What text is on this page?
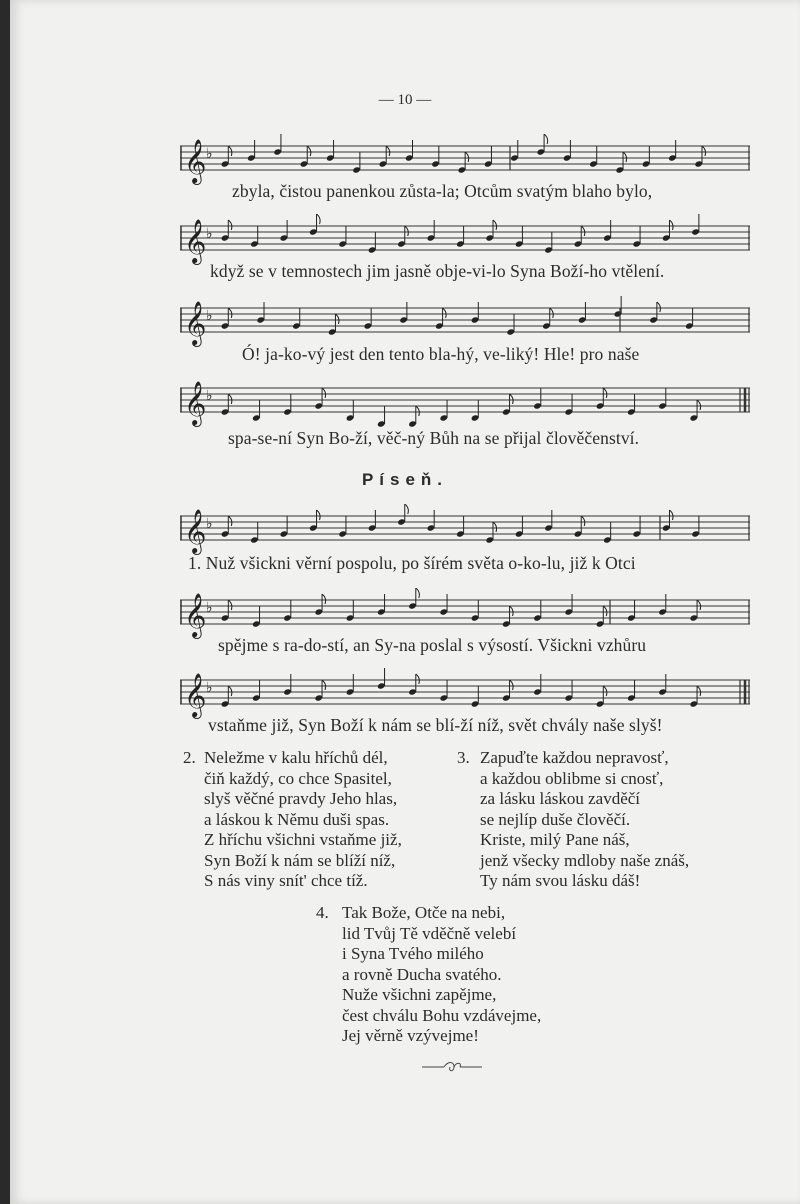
— 10 —
𝄞 ♭
zbyla, čistou panenkou zůsta-la; Otcům svatým blaho bylo,
𝄞 ♭
když se v temnostech jim jasně obje-vi-lo Syna Boží-ho vtělení.
𝄞 ♭
Ó! ja-ko-vý jest den tento bla-hý, ve-liký! Hle! pro naše
𝄞 ♭
spa-se-ní Syn Bo-ží, věč-ný Bůh na se přijal člověčenství.
Píseň.
𝄞 ♭
1. Nuž všickni věrní pospolu, po šírém světa o-ko-lu, již k Otci
𝄞 ♭
spějme s ra-do-stí, an Sy-na poslal s výsostí. Všickni vzhůru
𝄞 ♭
vstaňme již, Syn Boží k nám se blí-ží níž, svět chvály naše slyš!
2. Neležme v kalu hříchů dél,
čiň každý, co chce Spasitel,
slyš věčné pravdy Jeho hlas,
a láskou k Němu duši spas.
Z hříchu všichni vstaňme již,
Syn Boží k nám se blíží níž,
S nás viny snít' chce tíž.
3. Zapuďte každou nepravosť,
a každou oblibme si cnosť,
za lásku láskou zavděčí
se nejlíp duše člověčí.
Kriste, milý Pane náš,
jenž všecky mdloby naše znáš,
Ty nám svou lásku dáš!
4. Tak Bože, Otče na nebi,
lid Tvůj Tě vděčně velebí
i Syna Tvého milého
a rovně Ducha svatého.
Nuže všichni zapějme,
čest chválu Bohu vzdávejme,
Jej věrně vzývejme!
